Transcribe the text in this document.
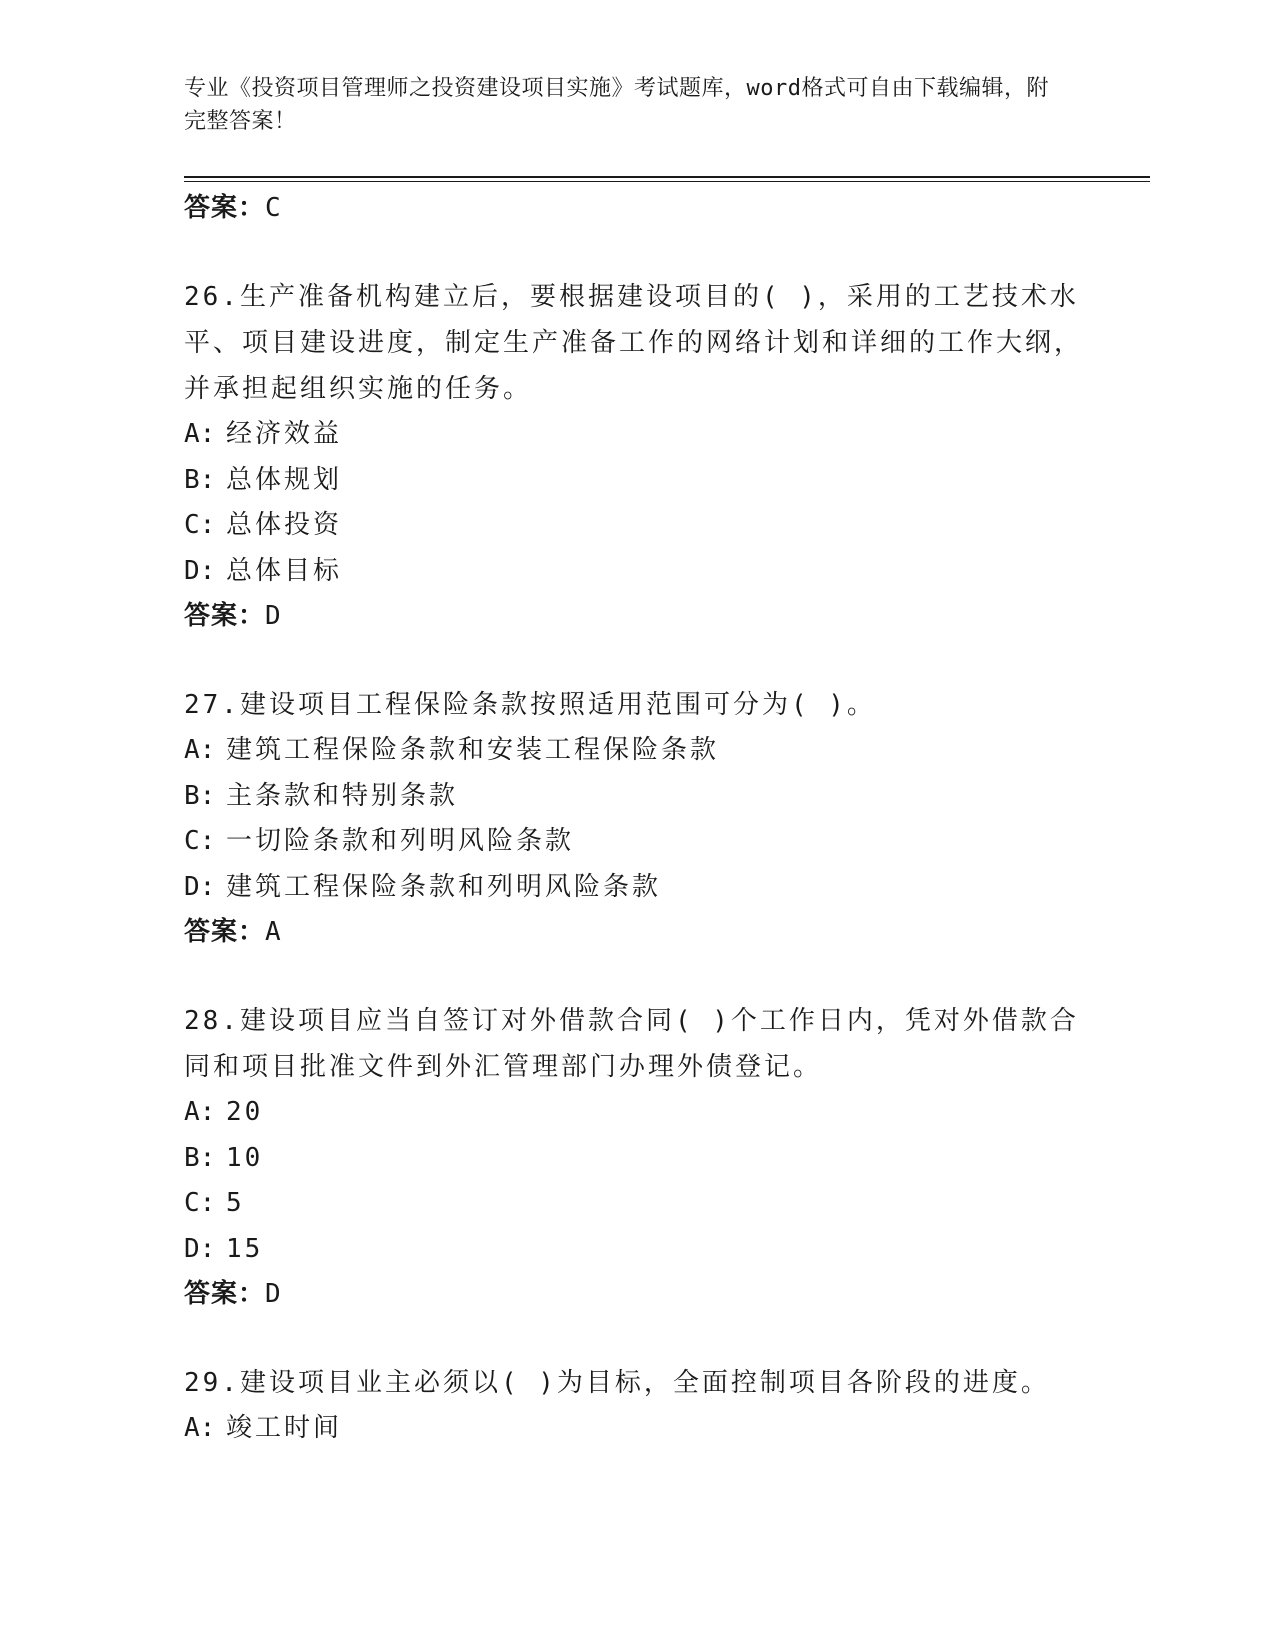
专业《投资项目管理师之投资建设项目实施》考试题库，word格式可自由下载编辑，附完整答案！

答案：C

26.生产准备机构建立后，要根据建设项目的( )，采用的工艺技术水平、项目建设进度，制定生产准备工作的网络计划和详细的工作大纲，并承担起组织实施的任务。

A: 经济效益

B: 总体规划

C: 总体投资

D: 总体目标

答案：D

27.建设项目工程保险条款按照适用范围可分为( )。

A: 建筑工程保险条款和安装工程保险条款

B: 主条款和特别条款

C: 一切险条款和列明风险条款

D: 建筑工程保险条款和列明风险条款

答案：A

28.建设项目应当自签订对外借款合同( )个工作日内，凭对外借款合同和项目批准文件到外汇管理部门办理外债登记。

A: 20

B: 10

C: 5

D: 15

答案：D

29.建设项目业主必须以( )为目标，全面控制项目各阶段的进度。

A: 竣工时间
